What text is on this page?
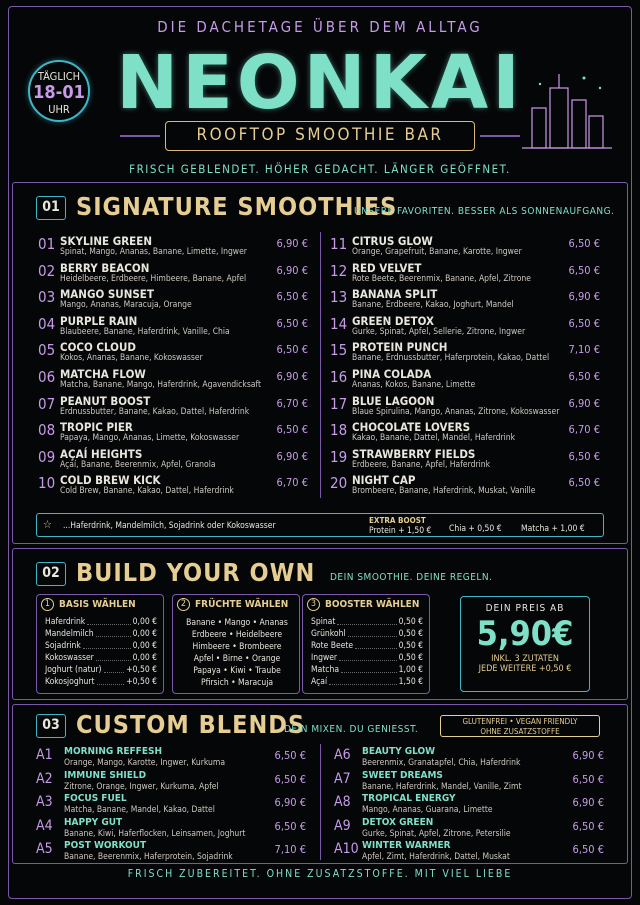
DIE DACHETAGE ÜBER DEM ALLTAG
NEONKAI
TÄGLICH
18-01
UHR
ROOFTOP SMOOTHIE BAR
FRISCH GEBLENDET. HÖHER GEDACHT. LÄNGER GEÖFFNET.
01 SIGNATURE SMOOTHIES
UNSERE FAVORITEN. BESSER ALS SONNENAUFGANG.
01 SKYLINE GREEN
Spinat, Mango, Ananas, Banane, Limette, Ingwer
6,90 €
02 BERRY BEACON
Heidelbeere, Erdbeere, Himbeere, Banane, Apfel
6,90 €
03 MANGO SUNSET
Mango, Ananas, Maracuja, Orange
6,50 €
04 PURPLE RAIN
Blaubeere, Banane, Haferdrink, Vanille, Chia
6,50 €
05 COCO CLOUD
Kokos, Ananas, Banane, Kokoswasser
6,50 €
06 MATCHA FLOW
Matcha, Banane, Mango, Haferdrink, Agavendicksaft
6,90 €
07 PEANUT BOOST
Erdnussbutter, Banane, Kakao, Dattel, Haferdrink
6,70 €
08 TROPIC PIER
Papaya, Mango, Ananas, Limette, Kokoswasser
6,50 €
09 AÇAÍ HEIGHTS
Açaí, Banane, Beerenmix, Apfel, Granola
6,90 €
10 COLD BREW KICK
Cold Brew, Banane, Kakao, Dattel, Haferdrink
6,70 €
11 CITRUS GLOW
Orange, Grapefruit, Banane, Karotte, Ingwer
6,50 €
12 RED VELVET
Rote Beete, Beerenmix, Banane, Apfel, Zitrone
6,50 €
13 BANANA SPLIT
Banane, Erdbeere, Kakao, Joghurt, Mandel
6,90 €
14 GREEN DETOX
Gurke, Spinat, Apfel, Sellerie, Zitrone, Ingwer
6,50 €
15 PROTEIN PUNCH
Banane, Erdnussbutter, Haferprotein, Kakao, Dattel
7,10 €
16 PINA COLADA
Ananas, Kokos, Banane, Limette
6,50 €
17 BLUE LAGOON
Blaue Spirulina, Mango, Ananas, Zitrone, Kokoswasser
6,90 €
18 CHOCOLATE LOVERS
Kakao, Banane, Dattel, Mandel, Haferdrink
6,70 €
19 STRAWBERRY FIELDS
Erdbeere, Banane, Apfel, Haferdrink
6,50 €
20 NIGHT CAP
Brombeere, Banane, Haferdrink, Muskat, Vanille
6,50 €
☆ ...Haferdrink, Mandelmilch, Sojadrink oder Kokoswasser
EXTRA BOOST
Protein + 1,50 € Chia + 0,50 € Matcha + 1,00 €
02 BUILD YOUR OWN DEIN SMOOTHIE. DEINE REGELN.
1 BASIS WÄHLEN
Haferdrink	0,00 €
Mandelmilch	0,00 €
Sojadrink	0,00 €
Kokoswasser	0,00 €
Joghurt (natur)	+0,50 €
Kokosjoghurt	+0,50 €
2 FRÜCHTE WÄHLEN
Banane • Mango • Ananas
Erdbeere • Heidelbeere
Himbeere • Brombeere
Apfel • Birne • Orange
Papaya • Kiwi • Traube
Pfirsich • Maracuja
3 BOOSTER WÄHLEN
Spinat	0,50 €
Grünkohl	0,50 €
Rote Beete	0,50 €
Ingwer	0,50 €
Matcha	1,00 €
Açaí	1,50 €
DEIN PREIS AB
5,90€
INKL. 3 ZUTATEN
JEDE WEITERE +0,50 €
03 CUSTOM BLENDS
DEIN MIXEN. DU GENIESST.
GLUTENFREI • VEGAN FRIENDLY
OHNE ZUSATZSTOFFE
A1	MORNING REFFESH
Orange, Mango, Karotte, Ingwer, Kurkuma
6,50 €
A2	IMMUNE SHIELD
Zitrone, Orange, Ingwer, Kurkuma, Apfel
6,50 €
A3	FOCUS FUEL
Matcha, Banane, Mandel, Kakao, Dattel
6,90 €
A4	HAPPY GUT
Banane, Kiwi, Haferflocken, Leinsamen, Joghurt
6,50 €
A5	POST WORKOUT
Banane, Beerenmix, Haferprotein, Sojadrink
7,10 €
A6	BEAUTY GLOW
Beerenmix, Granatapfel, Chia, Haferdrink
6,90 €
A7	SWEET DREAMS
Banane, Haferdrink, Mandel, Vanille, Zimt
6,50 €
A8	TROPICAL ENERGY
Mango, Ananas, Guarana, Limette
6,90 €
A9	DETOX GREEN
Gurke, Spinat, Apfel, Zitrone, Petersilie
6,50 €
A10 WINTER WARMER
Apfel, Zimt, Haferdrink, Dattel, Muskat
6,50 €
FRISCH ZUBEREITET. OHNE ZUSATZSTOFFE. MIT VIEL LIEBE
